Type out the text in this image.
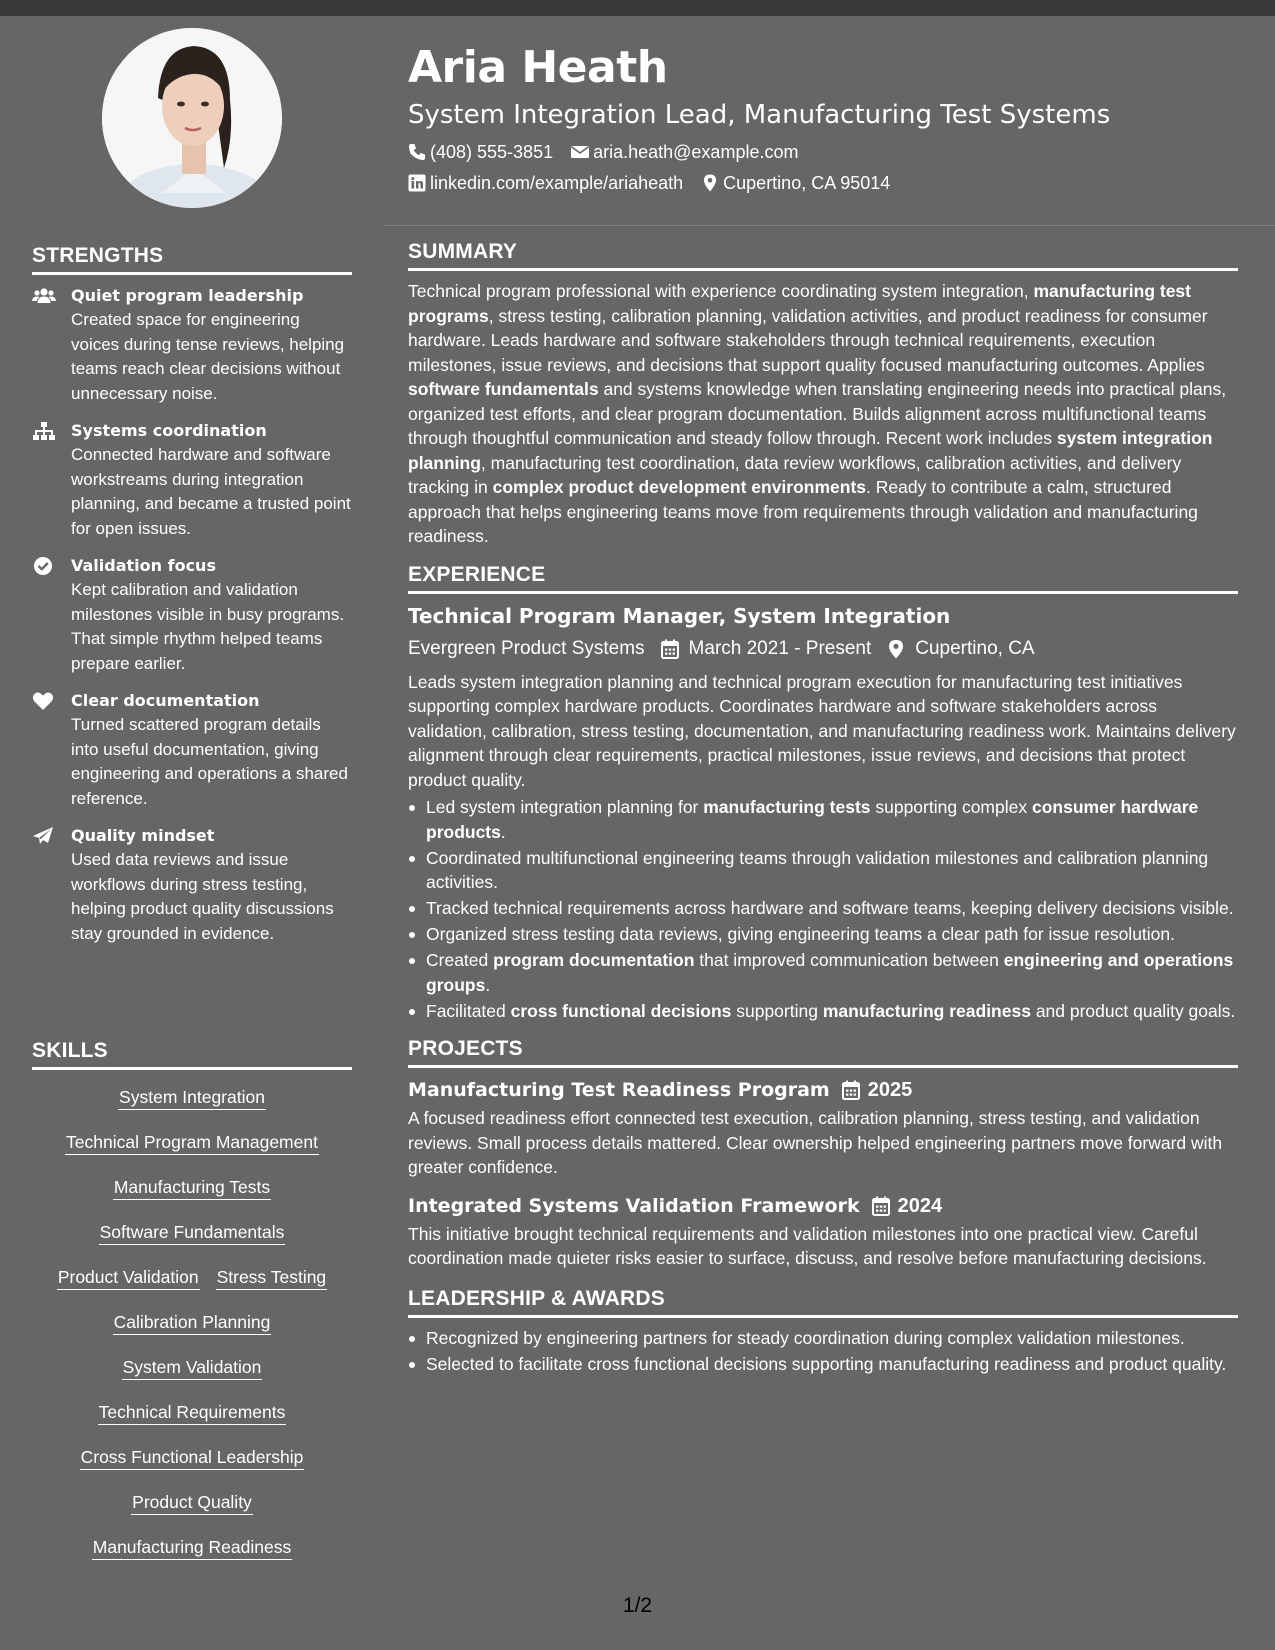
STRENGTHS
Quiet program leadership
Created space for engineering voices during tense reviews, helping teams reach clear decisions without unnecessary noise.
Systems coordination
Connected hardware and software workstreams during integration planning, and became a trusted point for open issues.
Validation focus
Kept calibration and validation milestones visible in busy programs. That simple rhythm helped teams prepare earlier.
Clear documentation
Turned scattered program details into useful documentation, giving engineering and operations a shared reference.
Quality mindset
Used data reviews and issue workflows during stress testing, helping product quality discussions stay grounded in evidence.
SKILLS
System Integration
Technical Program Management
Manufacturing Tests
Software Fundamentals
Product Validation Stress Testing
Calibration Planning
System Validation
Technical Requirements
Cross Functional Leadership
Product Quality
Manufacturing Readiness
Aria Heath
System Integration Lead, Manufacturing Test Systems
(408) 555-3851 aria.heath@example.com
linkedin.com/example/ariaheath Cupertino, CA 95014
SUMMARY
Technical program professional with experience coordinating system integration, manufacturing test programs, stress testing, calibration planning, validation activities, and product readiness for consumer hardware. Leads hardware and software stakeholders through technical requirements, execution milestones, issue reviews, and decisions that support quality focused manufacturing outcomes. Applies software fundamentals and systems knowledge when translating engineering needs into practical plans, organized test efforts, and clear program documentation. Builds alignment across multifunctional teams through thoughtful communication and steady follow through. Recent work includes system integration planning, manufacturing test coordination, data review workflows, calibration activities, and delivery tracking in complex product development environments. Ready to contribute a calm, structured approach that helps engineering teams move from requirements through validation and manufacturing readiness.
EXPERIENCE
Technical Program Manager, System Integration
Evergreen Product Systems March 2021 - Present Cupertino, CA
Leads system integration planning and technical program execution for manufacturing test initiatives supporting complex hardware products. Coordinates hardware and software stakeholders across validation, calibration, stress testing, documentation, and manufacturing readiness work. Maintains delivery alignment through clear requirements, practical milestones, issue reviews, and decisions that protect product quality.
Led system integration planning for manufacturing tests supporting complex consumer hardware products.
Coordinated multifunctional engineering teams through validation milestones and calibration planning activities.
Tracked technical requirements across hardware and software teams, keeping delivery decisions visible.
Organized stress testing data reviews, giving engineering teams a clear path for issue resolution.
Created program documentation that improved communication between engineering and operations groups.
Facilitated cross functional decisions supporting manufacturing readiness and product quality goals.
PROJECTS
Manufacturing Test Readiness Program 2025
A focused readiness effort connected test execution, calibration planning, stress testing, and validation reviews. Small process details mattered. Clear ownership helped engineering partners move forward with greater confidence.
Integrated Systems Validation Framework 2024
This initiative brought technical requirements and validation milestones into one practical view. Careful coordination made quieter risks easier to surface, discuss, and resolve before manufacturing decisions.
LEADERSHIP & AWARDS
Recognized by engineering partners for steady coordination during complex validation milestones.
Selected to facilitate cross functional decisions supporting manufacturing readiness and product quality.
1/2
